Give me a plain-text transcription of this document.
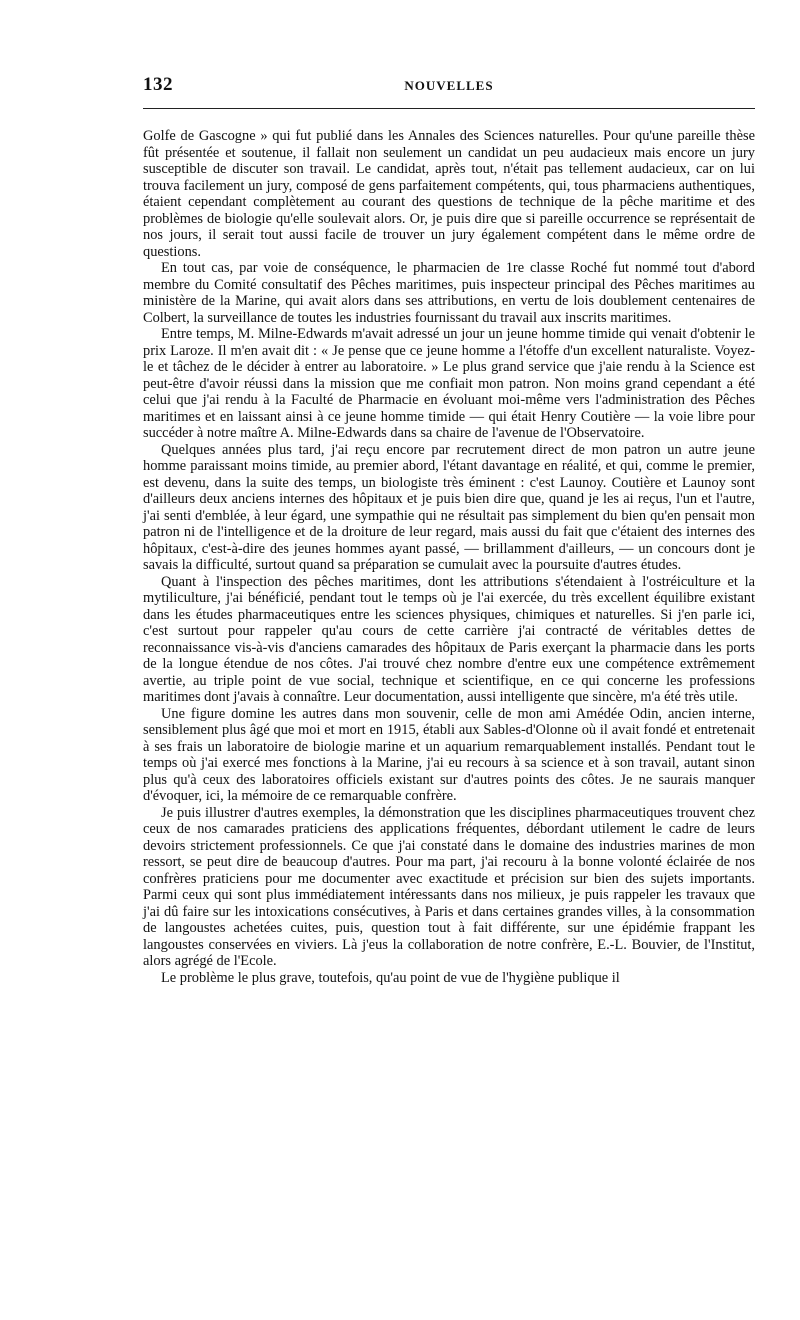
132	NOUVELLES

Golfe de Gascogne » qui fut publié dans les Annales des Sciences naturelles. Pour qu'une pareille thèse fût présentée et soutenue, il fallait non seulement un candidat un peu audacieux mais encore un jury susceptible de discuter son travail. Le candidat, après tout, n'était pas tellement audacieux, car on lui trouva facilement un jury, composé de gens parfaitement compétents, qui, tous pharmaciens authentiques, étaient cependant complètement au courant des questions de technique de la pêche maritime et des problèmes de biologie qu'elle soulevait alors. Or, je puis dire que si pareille occurrence se représentait de nos jours, il serait tout aussi facile de trouver un jury également compétent dans le même ordre de questions.

En tout cas, par voie de conséquence, le pharmacien de 1re classe Roché fut nommé tout d'abord membre du Comité consultatif des Pêches maritimes, puis inspecteur principal des Pêches maritimes au ministère de la Marine, qui avait alors dans ses attributions, en vertu de lois doublement centenaires de Colbert, la surveillance de toutes les industries fournissant du travail aux inscrits maritimes.

Entre temps, M. Milne-Edwards m'avait adressé un jour un jeune homme timide qui venait d'obtenir le prix Laroze. Il m'en avait dit : « Je pense que ce jeune homme a l'étoffe d'un excellent naturaliste. Voyez-le et tâchez de le décider à entrer au laboratoire. » Le plus grand service que j'aie rendu à la Science est peut-être d'avoir réussi dans la mission que me confiait mon patron. Non moins grand cependant a été celui que j'ai rendu à la Faculté de Pharmacie en évoluant moi-même vers l'administration des Pêches maritimes et en laissant ainsi à ce jeune homme timide — qui était Henry Coutière — la voie libre pour succéder à notre maître A. Milne-Edwards dans sa chaire de l'avenue de l'Observatoire.

Quelques années plus tard, j'ai reçu encore par recrutement direct de mon patron un autre jeune homme paraissant moins timide, au premier abord, l'étant davantage en réalité, et qui, comme le premier, est devenu, dans la suite des temps, un biologiste très éminent : c'est Launoy. Coutière et Launoy sont d'ailleurs deux anciens internes des hôpitaux et je puis bien dire que, quand je les ai reçus, l'un et l'autre, j'ai senti d'emblée, à leur égard, une sympathie qui ne résultait pas simplement du bien qu'en pensait mon patron ni de l'intelligence et de la droiture de leur regard, mais aussi du fait que c'étaient des internes des hôpitaux, c'est-à-dire des jeunes hommes ayant passé, — brillamment d'ailleurs, — un concours dont je savais la difficulté, surtout quand sa préparation se cumulait avec la poursuite d'autres études.

Quant à l'inspection des pêches maritimes, dont les attributions s'étendaient à l'ostréiculture et la mytiliculture, j'ai bénéficié, pendant tout le temps où je l'ai exercée, du très excellent équilibre existant dans les études pharmaceutiques entre les sciences physiques, chimiques et naturelles. Si j'en parle ici, c'est surtout pour rappeler qu'au cours de cette carrière j'ai contracté de véritables dettes de reconnaissance vis-à-vis d'anciens camarades des hôpitaux de Paris exerçant la pharmacie dans les ports de la longue étendue de nos côtes. J'ai trouvé chez nombre d'entre eux une compétence extrêmement avertie, au triple point de vue social, technique et scientifique, en ce qui concerne les professions maritimes dont j'avais à connaître. Leur documentation, aussi intelligente que sincère, m'a été très utile.

Une figure domine les autres dans mon souvenir, celle de mon ami Amédée Odin, ancien interne, sensiblement plus âgé que moi et mort en 1915, établi aux Sables-d'Olonne où il avait fondé et entretenait à ses frais un laboratoire de biologie marine et un aquarium remarquablement installés. Pendant tout le temps où j'ai exercé mes fonctions à la Marine, j'ai eu recours à sa science et à son travail, autant sinon plus qu'à ceux des laboratoires officiels existant sur d'autres points des côtes. Je ne saurais manquer d'évoquer, ici, la mémoire de ce remarquable confrère.

Je puis illustrer d'autres exemples, la démonstration que les disciplines pharmaceutiques trouvent chez ceux de nos camarades praticiens des applications fréquentes, débordant utilement le cadre de leurs devoirs strictement professionnels. Ce que j'ai constaté dans le domaine des industries marines de mon ressort, se peut dire de beaucoup d'autres. Pour ma part, j'ai recouru à la bonne volonté éclairée de nos confrères praticiens pour me documenter avec exactitude et précision sur bien des sujets importants. Parmi ceux qui sont plus immédiatement intéressants dans nos milieux, je puis rappeler les travaux que j'ai dû faire sur les intoxications consécutives, à Paris et dans certaines grandes villes, à la consommation de langoustes achetées cuites, puis, question tout à fait différente, sur une épidémie frappant les langoustes conservées en viviers. Là j'eus la collaboration de notre confrère, E.-L. Bouvier, de l'Institut, alors agrégé de l'Ecole.

Le problème le plus grave, toutefois, qu'au point de vue de l'hygiène publique il
